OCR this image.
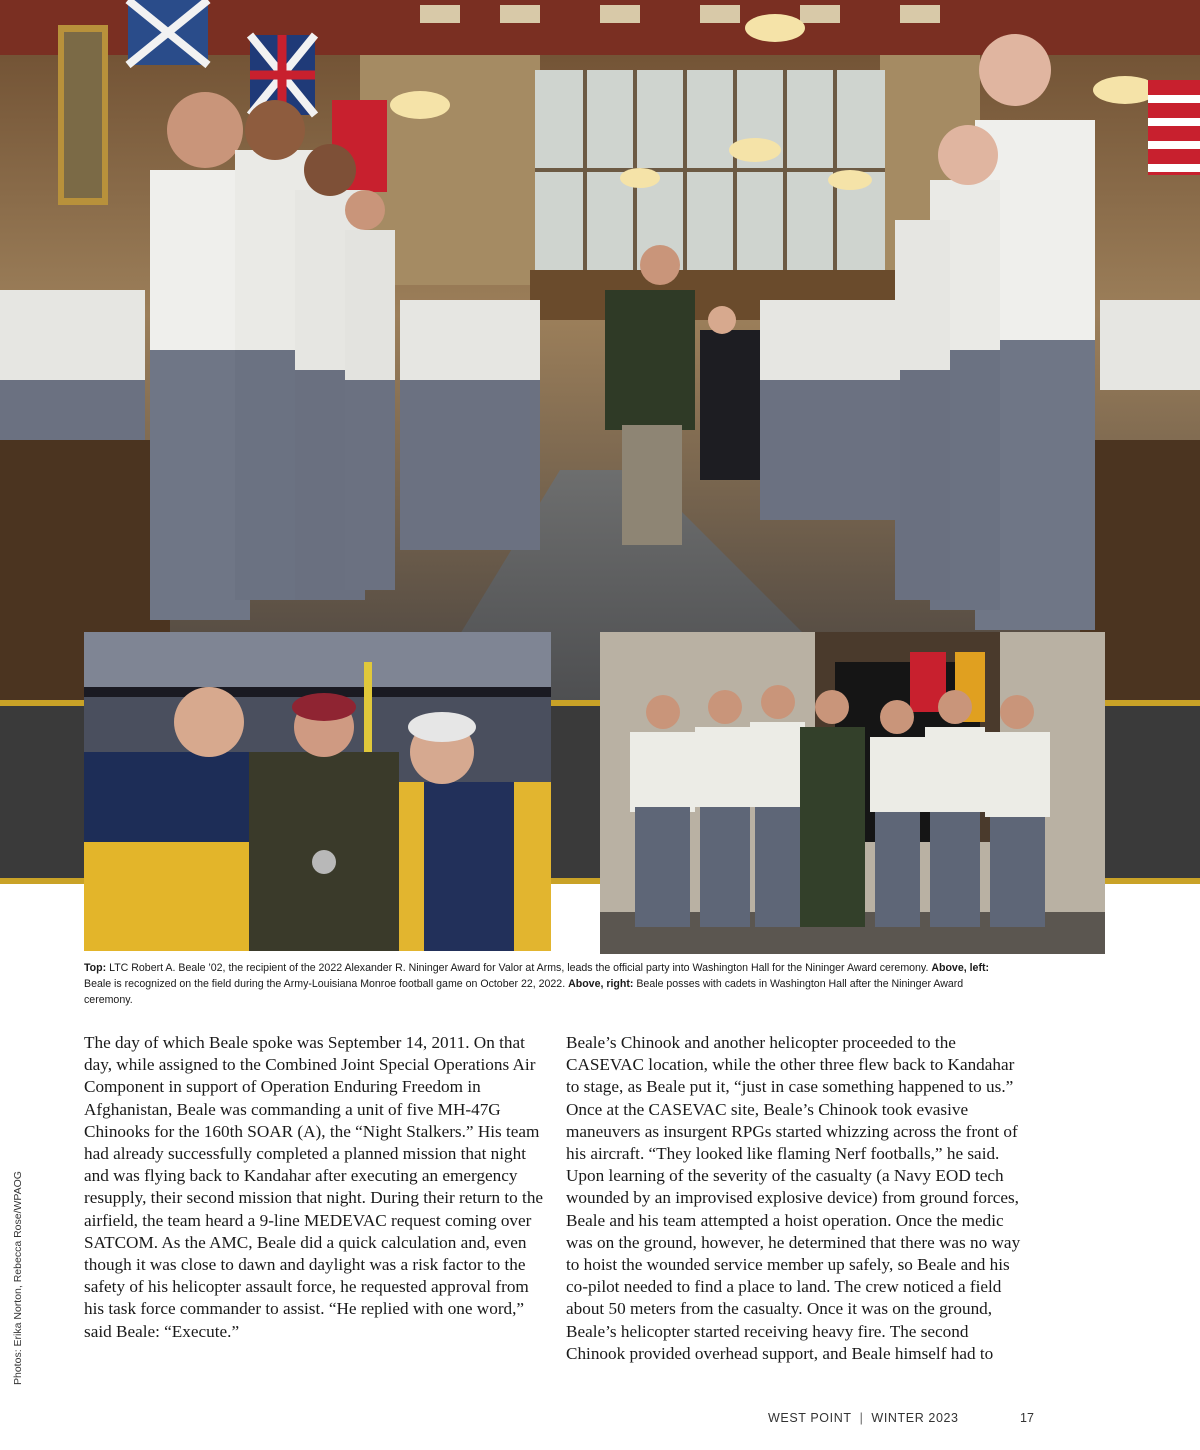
Top: LTC Robert A. Beale ’02, the recipient of the 2022 Alexander R. Nininger Award for Valor at Arms, leads the official party into Washington Hall for the Nininger Award ceremony. Above, left: Beale is recognized on the field during the Army-Louisiana Monroe football game on October 22, 2022. Above, right: Beale posses with cadets in Washington Hall after the Nininger Award ceremony.
The day of which Beale spoke was September 14, 2011. On that day, while assigned to the Combined Joint Special Operations Air Component in support of Operation Enduring Freedom in Afghanistan, Beale was commanding a unit of five MH-47G Chinooks for the 160th SOAR (A), the “Night Stalkers.” His team had already successfully completed a planned mission that night and was flying back to Kandahar after executing an emergency resupply, their second mission that night. During their return to the airfield, the team heard a 9-line MEDEVAC request coming over SATCOM. As the AMC, Beale did a quick calculation and, even though it was close to dawn and daylight was a risk factor to the safety of his helicopter assault force, he requested approval from his task force commander to assist. “He replied with one word,” said Beale: “Execute.”
Beale’s Chinook and another helicopter proceeded to the CASEVAC location, while the other three flew back to Kandahar to stage, as Beale put it, “just in case something happened to us.” Once at the CASEVAC site, Beale’s Chinook took evasive maneuvers as insurgent RPGs started whizzing across the front of his aircraft. “They looked like flaming Nerf footballs,” he said. Upon learning of the severity of the casualty (a Navy EOD tech wounded by an improvised explosive device) from ground forces, Beale and his team attempted a hoist operation. Once the medic was on the ground, however, he determined that there was no way to hoist the wounded service member up safely, so Beale and his co-pilot needed to find a place to land. The crew noticed a field about 50 meters from the casualty. Once it was on the ground, Beale’s helicopter started receiving heavy fire. The second Chinook provided overhead support, and Beale himself had to
Photos: Erika Norton, Rebecca Rose/WPAOG
WEST POINT | WINTER 2023	17
